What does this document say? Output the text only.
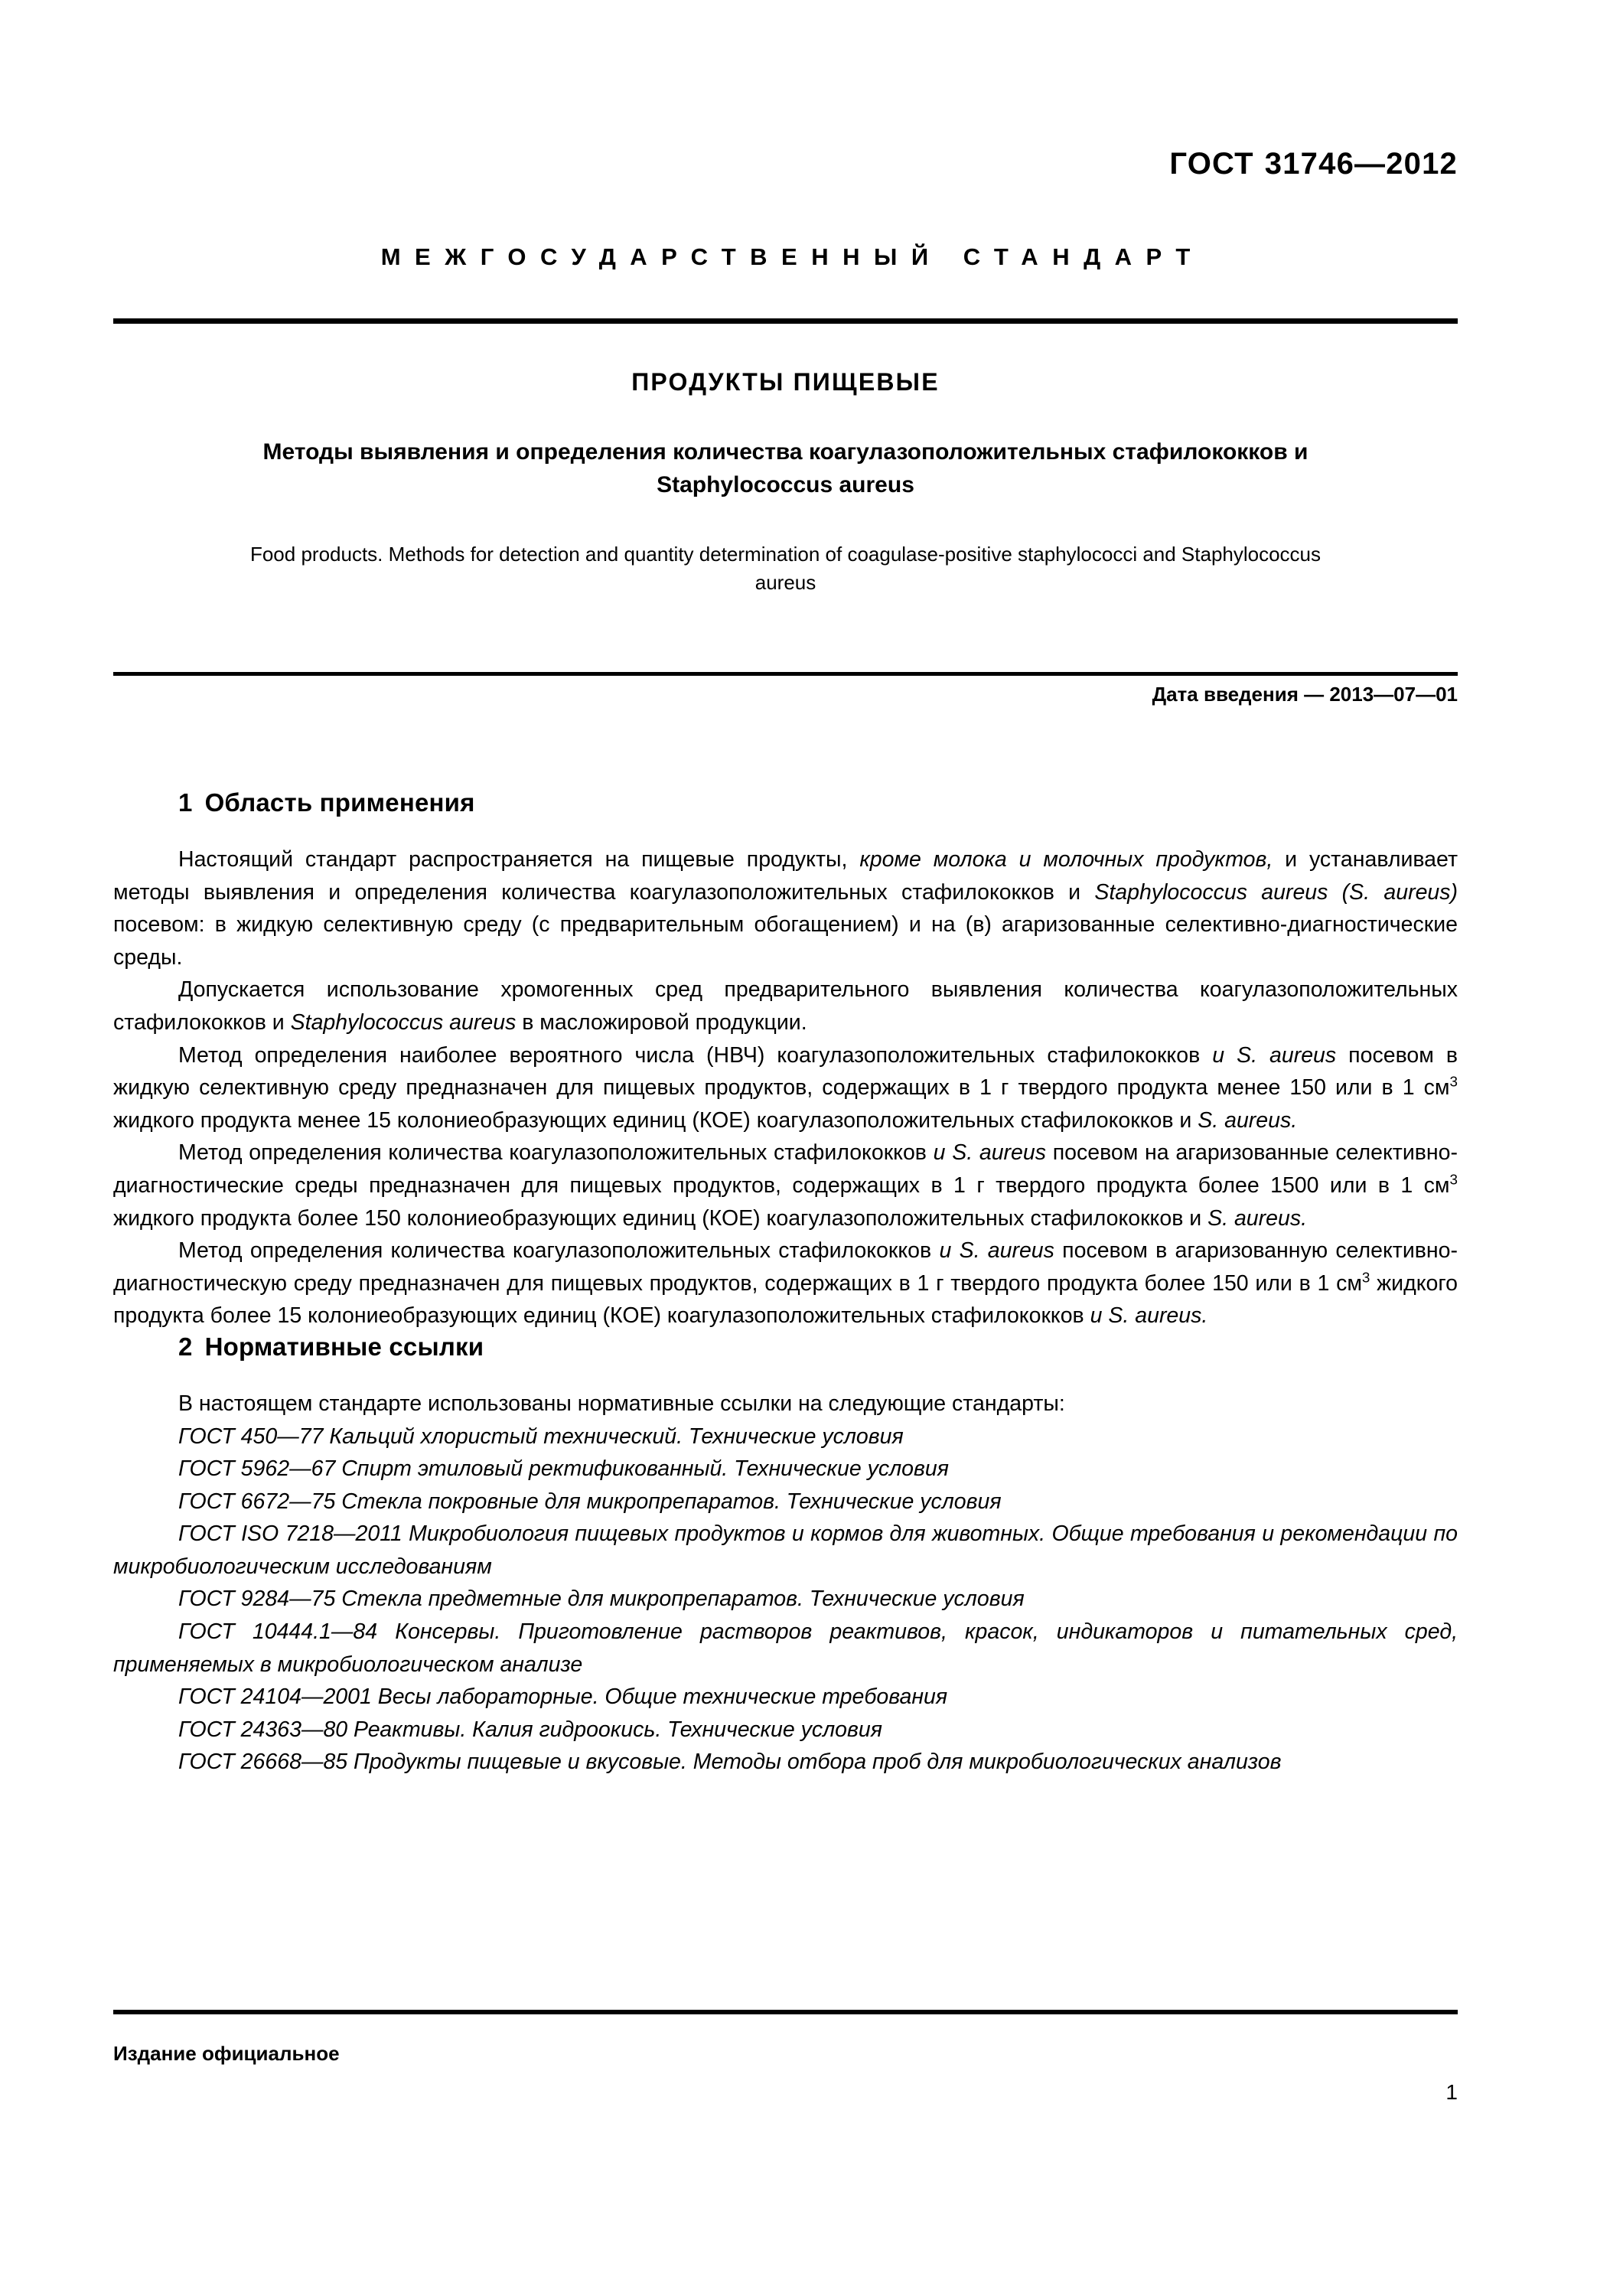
ГОСТ 31746—2012
МЕЖГОСУДАРСТВЕННЫЙ СТАНДАРТ
ПРОДУКТЫ ПИЩЕВЫЕ
Методы выявления и определения количества коагулазоположительных стафилококков и Staphylococcus aureus
Food products. Methods for detection and quantity determination of coagulase-positive staphylococci and Staphylococcus aureus
Дата введения — 2013—07—01
1 Область применения

Настоящий стандарт распространяется на пищевые продукты, кроме молока и молочных продуктов, и устанавливает методы выявления и определения количества коагулазоположительных стафилококков и Staphylococcus aureus (S. aureus) посевом: в жидкую селективную среду (с предварительным обогащением) и на (в) агаризованные селективно-диагностические среды.

Допускается использование хромогенных сред предварительного выявления количества коагулазоположительных стафилококков и Staphylococcus aureus в масложировой продукции.

Метод определения наиболее вероятного числа (НВЧ) коагулазоположительных стафилококков и S. aureus посевом в жидкую селективную среду предназначен для пищевых продуктов, содержащих в 1 г твердого продукта менее 150 или в 1 $см^3$ жидкого продукта менее 15 колониеобразующих единиц (КОЕ) коагулазоположительных стафилококков и S. aureus.

Метод определения количества коагулазоположительных стафилококков и S. aureus посевом на агаризованные селективно-диагностические среды предназначен для пищевых продуктов, содержащих в 1 г твердого продукта более 1500 или в 1 $см^3$ жидкого продукта более 150 колониеобразующих единиц (КОЕ) коагулазоположительных стафилококков и S. aureus.

Метод определения количества коагулазоположительных стафилококков и S. aureus посевом в агаризованную селективно-диагностическую среду предназначен для пищевых продуктов, содержащих в 1 г твердого продукта более 150 или в 1 $см^3$ жидкого продукта более 15 колониеобразующих единиц (КОЕ) коагулазоположительных стафилококков и S. aureus.

2 Нормативные ссылки

В настоящем стандарте использованы нормативные ссылки на следующие стандарты:

ГОСТ 450—77 Кальций хлористый технический. Технические условия

ГОСТ 5962—67 Спирт этиловый ректификованный. Технические условия

ГОСТ 6672—75 Стекла покровные для микропрепаратов. Технические условия

ГОСТ ISO 7218—2011 Микробиология пищевых продуктов и кормов для животных. Общие требования и рекомендации по микробиологическим исследованиям

ГОСТ 9284—75 Стекла предметные для микропрепаратов. Технические условия

ГОСТ 10444.1—84 Консервы. Приготовление растворов реактивов, красок, индикаторов и питательных сред, применяемых в микробиологическом анализе

ГОСТ 24104—2001 Весы лабораторные. Общие технические требования

ГОСТ 24363—80 Реактивы. Калия гидроокись. Технические условия

ГОСТ 26668—85 Продукты пищевые и вкусовые. Методы отбора проб для микробиологических анализов

Издание официальное
1
